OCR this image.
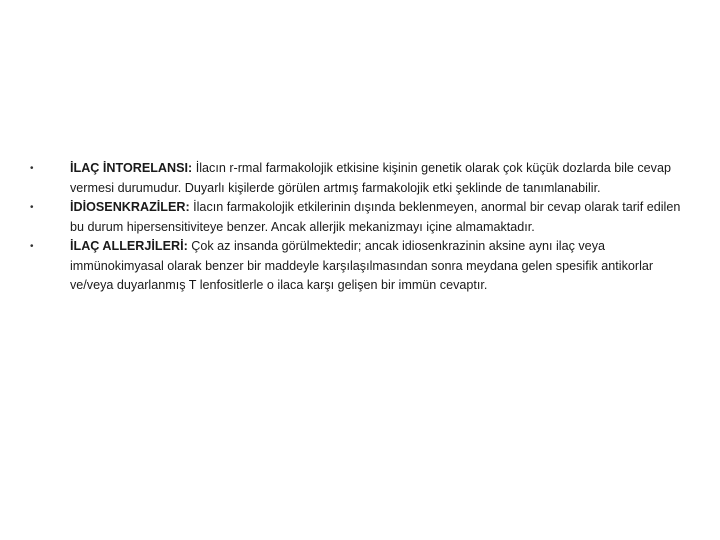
•	İLAÇ İNTORELANSI: İlacın r-rmal farmakolojik etkisine kişinin genetik olarak çok küçük dozlarda bile cevap vermesi durumudur. Duyarlı kişilerde görülen artmış farmakolojik etki şeklinde de tanımlanabilir.
•	İDİOSENKRAZİLER: İlacın farmakolojik etkilerinin dışında beklenmeyen, anormal bir cevap olarak tarif edilen bu durum hipersensitiviteye benzer. Ancak allerjik mekanizmayı içine almamaktadır.
•	İLAÇ ALLERJİLERİ: Çok az insanda görülmektedir; ancak idiosenkrazinin aksine aynı ilaç veya immünokimyasal olarak benzer bir maddeyle karşılaşılmasından sonra meydana gelen spesifik antikorlar ve/veya duyarlanmış T lenfositlerle o ilaca karşı gelişen bir immün cevaptır.
